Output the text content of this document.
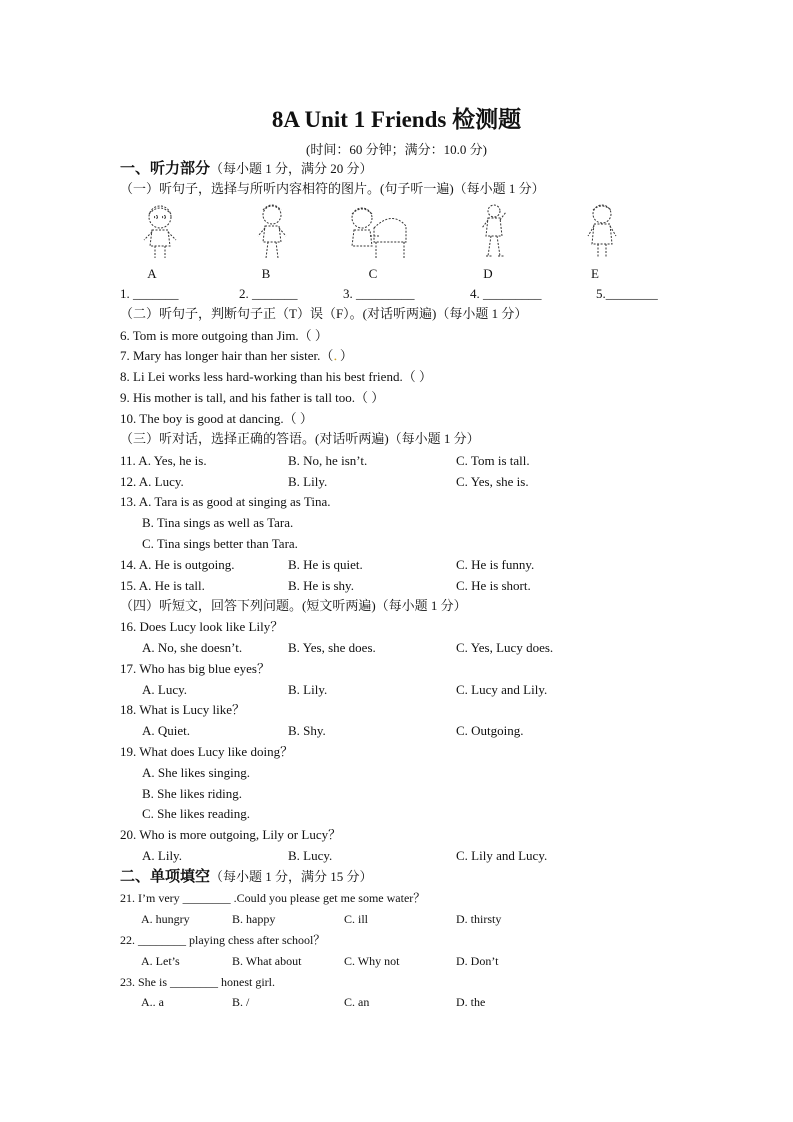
8A Unit 1 Friends 检测题
(时间：60 分钟；满分：10.0 分)
一、听力部分（每小题 1 分，满分 20 分）
（一）听句子，选择与所听内容相符的图片。(句子听一遍)（每小题 1 分）
A	B	C	D	E
1. _______	2. _______	3. _________	4. _________	5.________
（二）听句子，判断句子正（T）误（F）。(对话听两遍)（每小题 1 分）
6. Tom is more outgoing than Jim.（ ）
7. Mary has longer hair than her sister.（．）
8. Li Lei works less hard-working than his best friend.（ ）
9. His mother is tall, and his father is tall too.（ ）
10. The boy is good at dancing.（ ）
（三）听对话，选择正确的答语。(对话听两遍)（每小题 1 分）
11. A. Yes, he is.	B. No, he isn’t.	C. Tom is tall.
12. A. Lucy.	B. Lily.	C. Yes, she is.
13. A. Tara is as good at singing as Tina.
B. Tina sings as well as Tara.
C. Tina sings better than Tara.
14. A. He is outgoing.	B. He is quiet.	C. He is funny.
15. A. He is tall.	B. He is shy.	C. He is short.
（四）听短文，回答下列问题。(短文听两遍)（每小题 1 分）
16. Does Lucy look like Lily？
A. No, she doesn’t.	B. Yes, she does.	C. Yes, Lucy does.
17. Who has big blue eyes？
A. Lucy.	B. Lily.	C. Lucy and Lily.
18. What is Lucy like？
A. Quiet.	B. Shy.	C. Outgoing.
19. What does Lucy like doing？
A. She likes singing.
B. She likes riding.
C. She likes reading.
20. Who is more outgoing, Lily or Lucy？
A. Lily.	B. Lucy.	C. Lily and Lucy.
二、单项填空（每小题 1 分，满分 15 分）
21. I’m very ________ .Could you please get me some water？
A. hungry	B. happy	C. ill	D. thirsty
22. ________ playing chess after school？
A. Let’s	B. What about	C. Why not	D. Don’t
23. She is ________ honest girl.
A.. a	B. /	C. an	D. the
